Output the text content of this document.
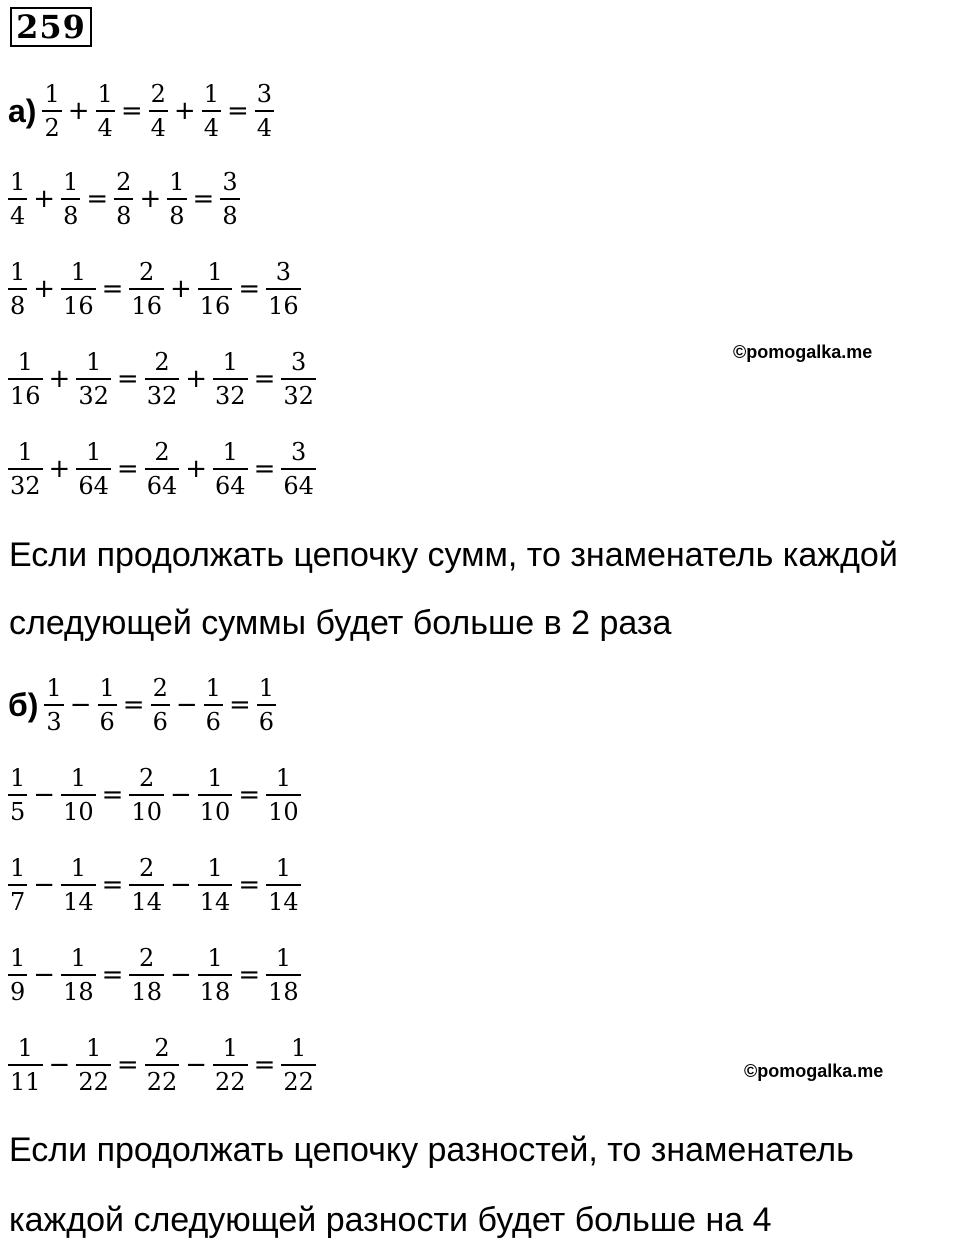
259
$а) \frac{1}{2} + \frac{1}{4} = \frac{2}{4} + \frac{1}{4} = \frac{3}{4}$
$\frac{1}{4} + \frac{1}{8} = \frac{2}{8} + \frac{1}{8} = \frac{3}{8}$
$\frac{1}{8} + \frac{1}{16} = \frac{2}{16} + \frac{1}{16} = \frac{3}{16}$
$\frac{1}{16} + \frac{1}{32} = \frac{2}{32} + \frac{1}{32} = \frac{3}{32}$
$\frac{1}{32} + \frac{1}{64} = \frac{2}{64} + \frac{1}{64} = \frac{3}{64}$
Если продолжать цепочку сумм, то знаменатель каждой
следующей суммы будет больше в 2 раза
$б) \frac{1}{3} - \frac{1}{6} = \frac{2}{6} - \frac{1}{6} = \frac{1}{6}$
$\frac{1}{5} - \frac{1}{10} = \frac{2}{10} - \frac{1}{10} = \frac{1}{10}$
$\frac{1}{7} - \frac{1}{14} = \frac{2}{14} - \frac{1}{14} = \frac{1}{14}$
$\frac{1}{9} - \frac{1}{18} = \frac{2}{18} - \frac{1}{18} = \frac{1}{18}$
$\frac{1}{11} - \frac{1}{22} = \frac{2}{22} - \frac{1}{22} = \frac{1}{22}$
Если продолжать цепочку разностей, то знаменатель
каждой следующей разности будет больше на 4
©pomogalka.me
©pomogalka.me
